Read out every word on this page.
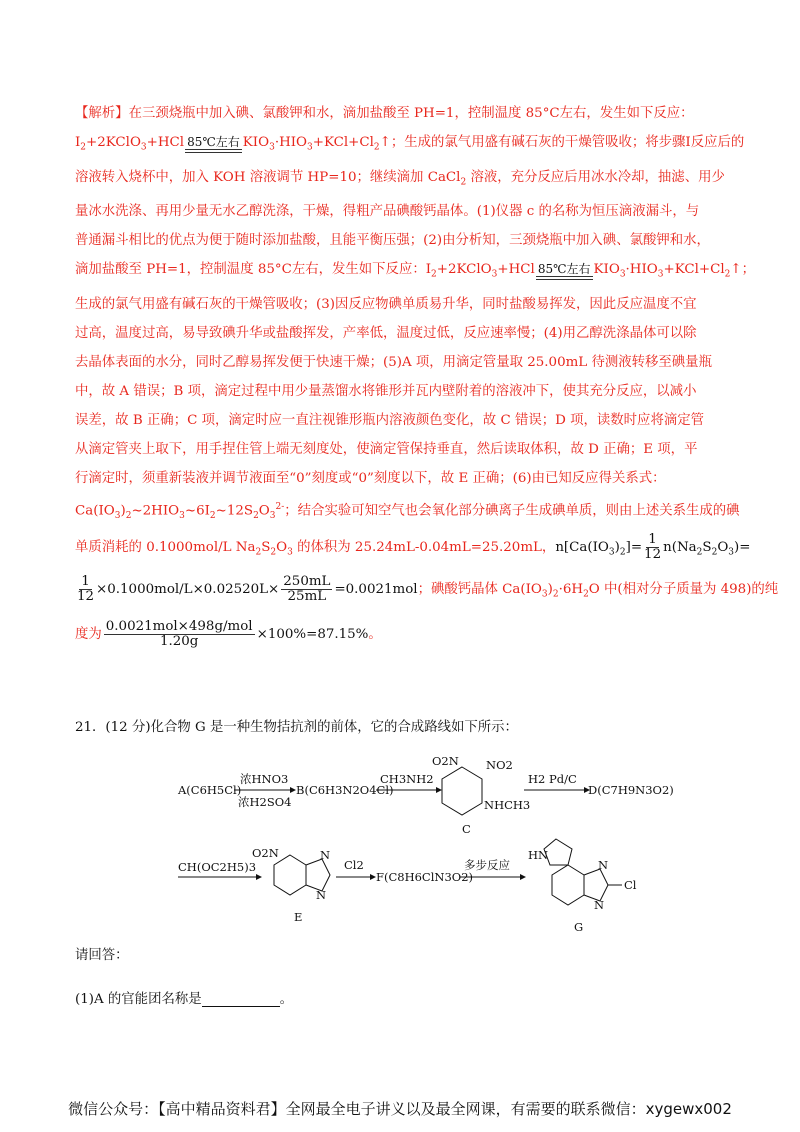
【解析】在三颈烧瓶中加入碘、氯酸钾和水，滴加盐酸至 PH=1，控制温度 85°C左右，发生如下反应：

$I_2+2KClO_3+HCl$ 85℃左右 $KIO_3\cdot HIO_3+KCl+Cl_2↑$；生成的氯气用盛有碱石灰的干燥管吸收；将步骤I反应后的

溶液转入烧杯中，加入 KOH 溶液调节 HP=10；继续滴加 CaCl$_2$ 溶液，充分反应后用冰水冷却，抽滤、用少

量冰水洗涤、再用少量无水乙醇洗涤，干燥，得粗产品碘酸钙晶体。(1)仪器 c 的名称为恒压滴液漏斗，与

普通漏斗相比的优点为便于随时添加盐酸，且能平衡压强；(2)由分析知，三颈烧瓶中加入碘、氯酸钾和水，

滴加盐酸至 PH=1，控制温度 85°C左右，发生如下反应：$I_2+2KClO_3+HCl$ 85℃左右 $KIO_3\cdot HIO_3+KCl+Cl_2↑$；

生成的氯气用盛有碱石灰的干燥管吸收；(3)因反应物碘单质易升华，同时盐酸易挥发，因此反应温度不宜

过高，温度过高，易导致碘升华或盐酸挥发，产率低，温度过低，反应速率慢；(4)用乙醇洗涤晶体可以除

去晶体表面的水分，同时乙醇易挥发便于快速干燥；(5)A 项，用滴定管量取 25.00mL 待测液转移至碘量瓶

中，故 A 错误；B 项，滴定过程中用少量蒸馏水将锥形并瓦内壁附着的溶液冲下，使其充分反应，以减小

误差，故 B 正确；C 项，滴定时应一直注视锥形瓶内溶液颜色变化，故 C 错误；D 项，读数时应将滴定管

从滴定管夹上取下，用手捏住管上端无刻度处，使滴定管保持垂直，然后读取体积，故 D 正确；E 项，平

行滴定时，须重新装液并调节液面至“0”刻度或“0”刻度以下，故 E 正确；(6)由已知反应得关系式：

$Ca(IO_3)_2\sim 2HIO_3\sim 6I_2\sim 12S_2O_3^{2-}$；结合实验可知空气也会氧化部分碘离子生成碘单质，则由上述关系生成的碘

单质消耗的 0.1000mol/L $Na_2S_2O_3$ 的体积为 25.24mL-0.04mL=25.20mL，$n[Ca(IO_3)_2]= \frac{1}{12} n(Na_2S_2O_3)=$

$\frac{1}{12} \times 0.1000mol/L\times 0.02520L\times \frac{250mL}{25mL} =0.0021mol$；碘酸钙晶体 $Ca(IO_3)_2\cdot 6H_2O$ 中(相对分子质量为 498)的纯

度为 $\frac{\text{0.0021mol×498g/mol}}{1.20g} \times 100\%=87.15\%$。

21．(12 分)化合物 G 是一种生物拮抗剂的前体，它的合成路线如下所示：
A(C6H5Cl)
浓HNO3
浓H2SO4
B(C6H3N2O4Cl)
CH3NH2
O2N NO2
NHCH3
C
H2 Pd/C
D(C7H9N3O2)
CH(OC2H5)3
O2N	N
N
E
Cl2
F(C8H6ClN3O2)
多步反应
HN
N
N
Cl
G
请回答：
(1)A 的官能团名称是	。
微信公众号：【高中精品资料君】全网最全电子讲义以及最全网课，有需要的联系微信：xygewx002
